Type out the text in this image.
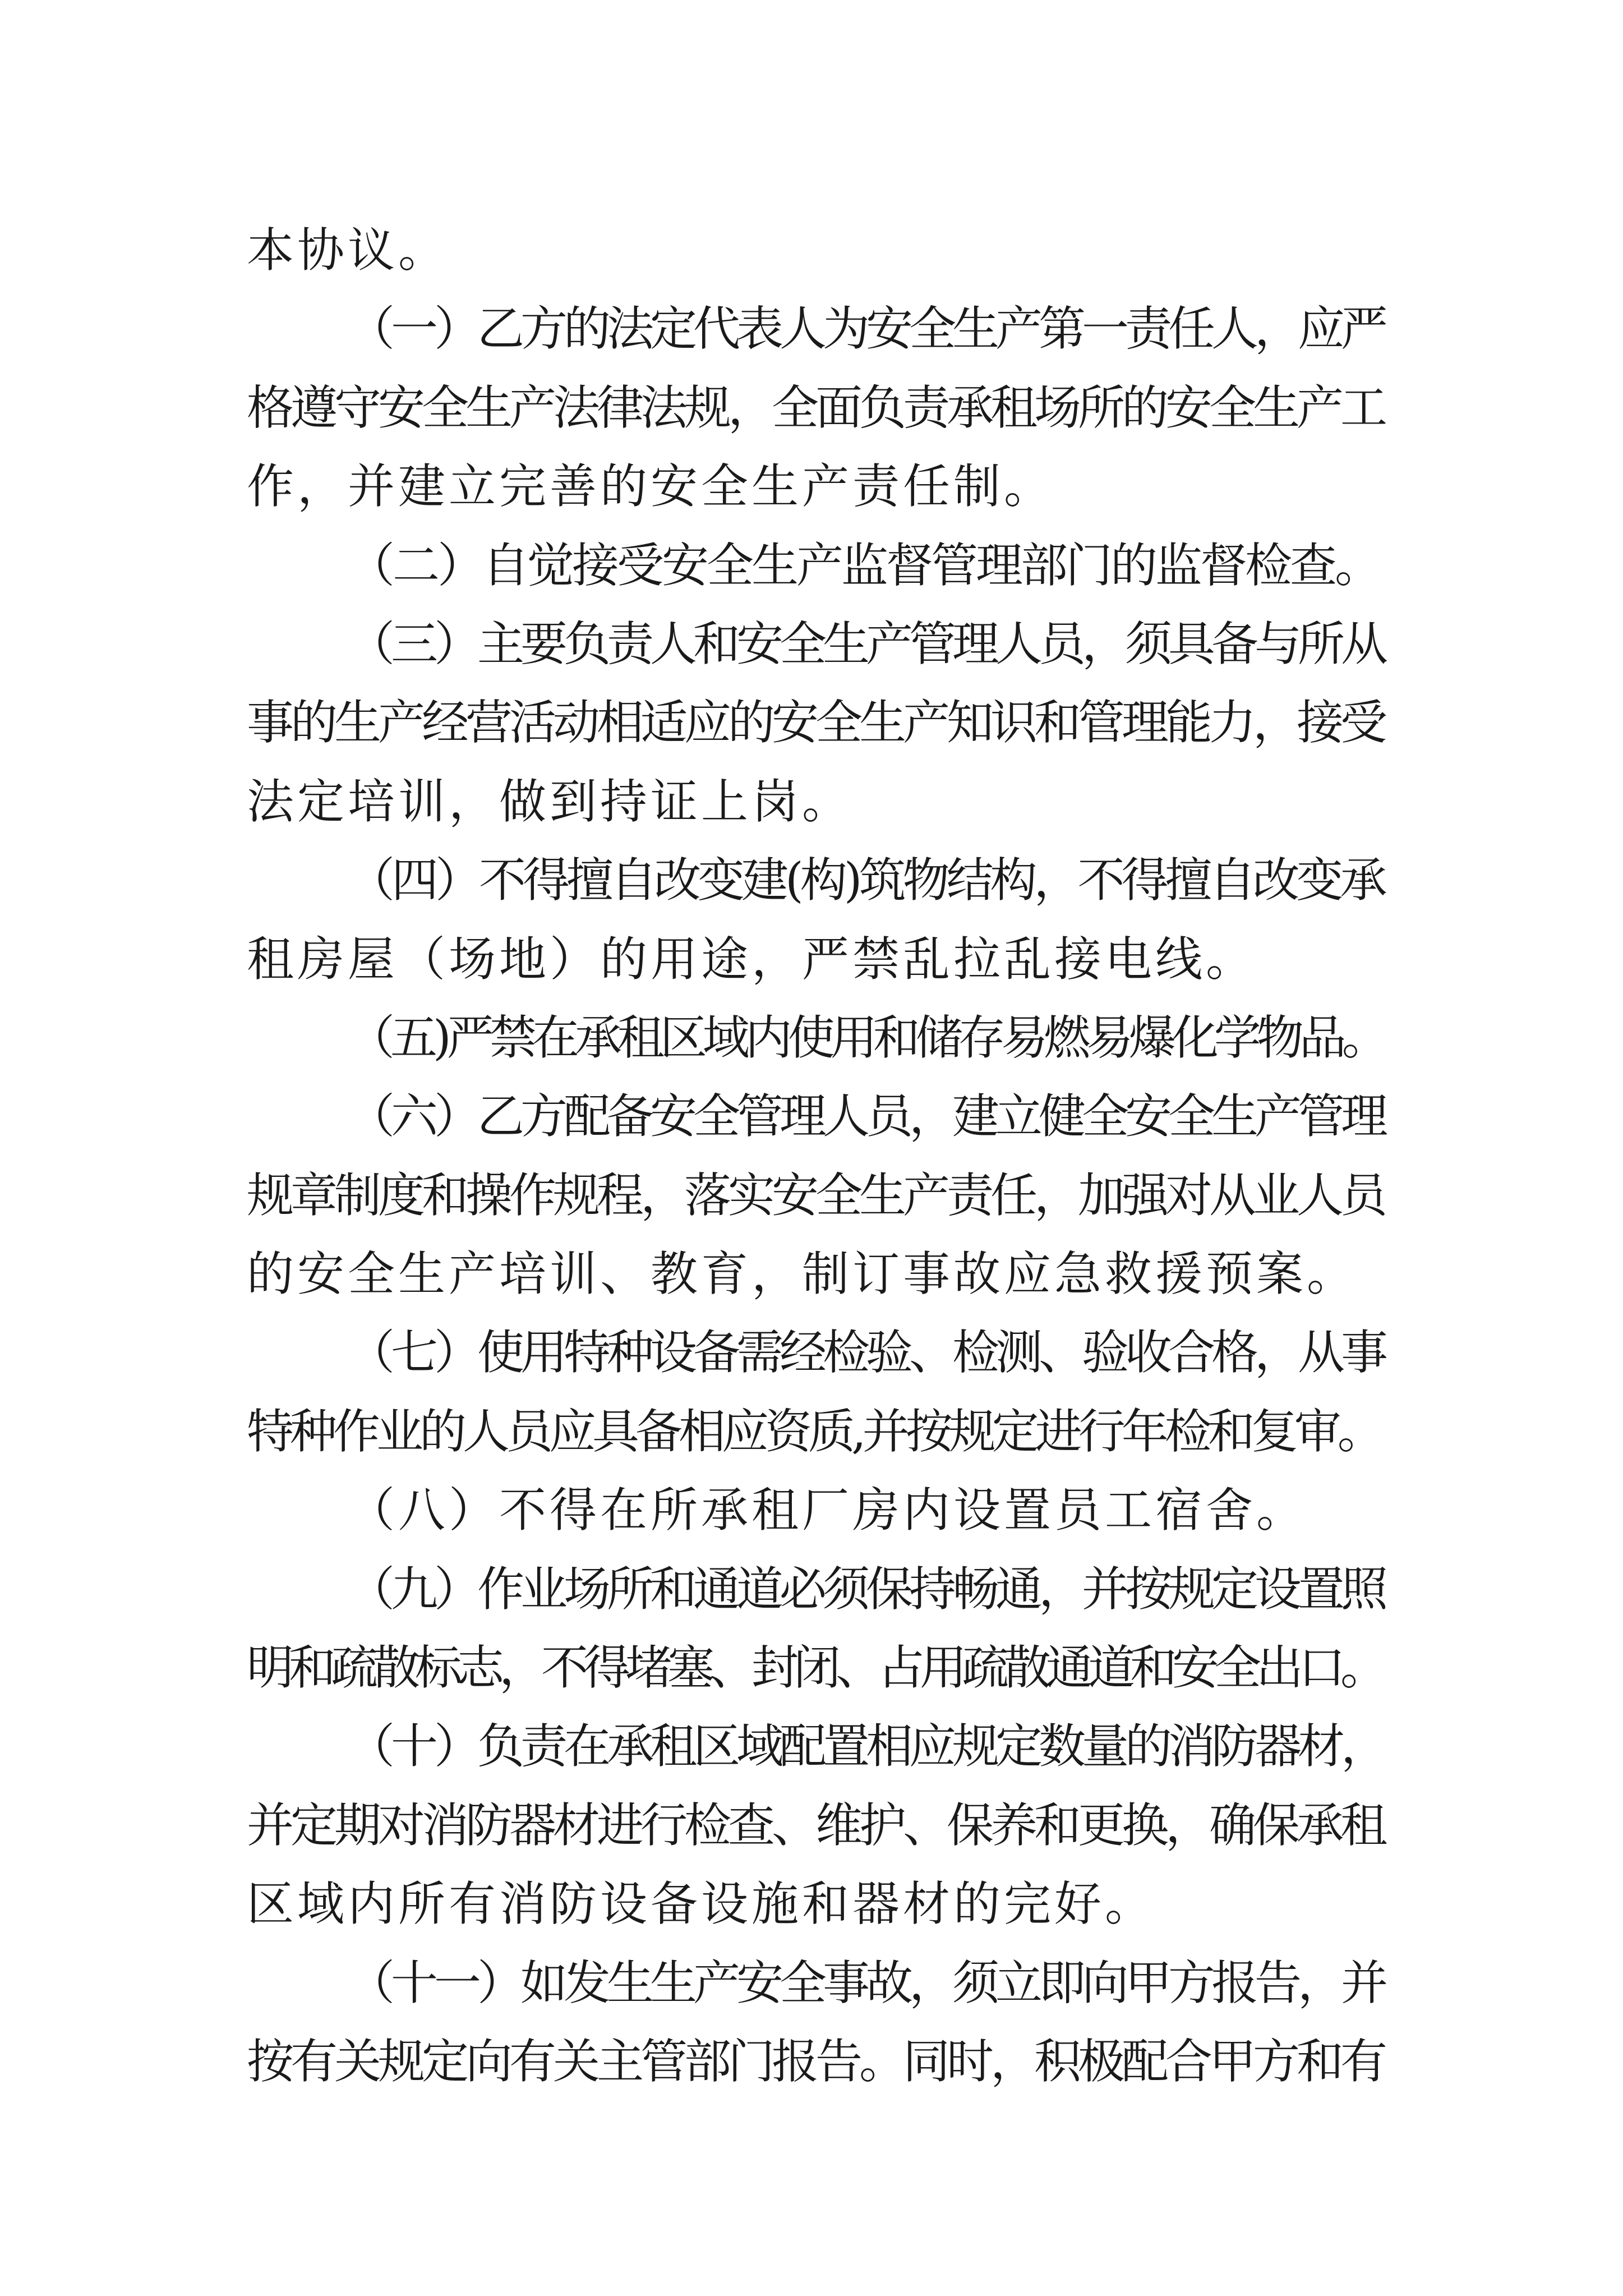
本协议。
（一）乙方的法定代表人为安全生产第一责任人，应严
格遵守安全生产法律法规，全面负责承租场所的安全生产工
作，并建立完善的安全生产责任制。
（二）自觉接受安全生产监督管理部门的监督检查。
（三）主要负责人和安全生产管理人员，须具备与所从
事的生产经营活动相适应的安全生产知识和管理能力，接受
法定培训，做到持证上岗。
（四）不得擅自改变建(构)筑物结构，不得擅自改变承
租房屋（场地）的用途，严禁乱拉乱接电线。
（五)严禁在承租区域内使用和储存易燃易爆化学物品。
（六）乙方配备安全管理人员，建立健全安全生产管理
规章制度和操作规程，落实安全生产责任，加强对从业人员
的安全生产培训、教育，制订事故应急救援预案。
（七）使用特种设备需经检验、检测、验收合格，从事
特种作业的人员应具备相应资质,并按规定进行年检和复审。
（八）不得在所承租厂房内设置员工宿舍。
（九）作业场所和通道必须保持畅通，并按规定设置照
明和疏散标志，不得堵塞、封闭、占用疏散通道和安全出口。
（十）负责在承租区域配置相应规定数量的消防器材，
并定期对消防器材进行检查、维护、保养和更换，确保承租
区域内所有消防设备设施和器材的完好。
（十一）如发生生产安全事故，须立即向甲方报告，并
按有关规定向有关主管部门报告。同时，积极配合甲方和有
